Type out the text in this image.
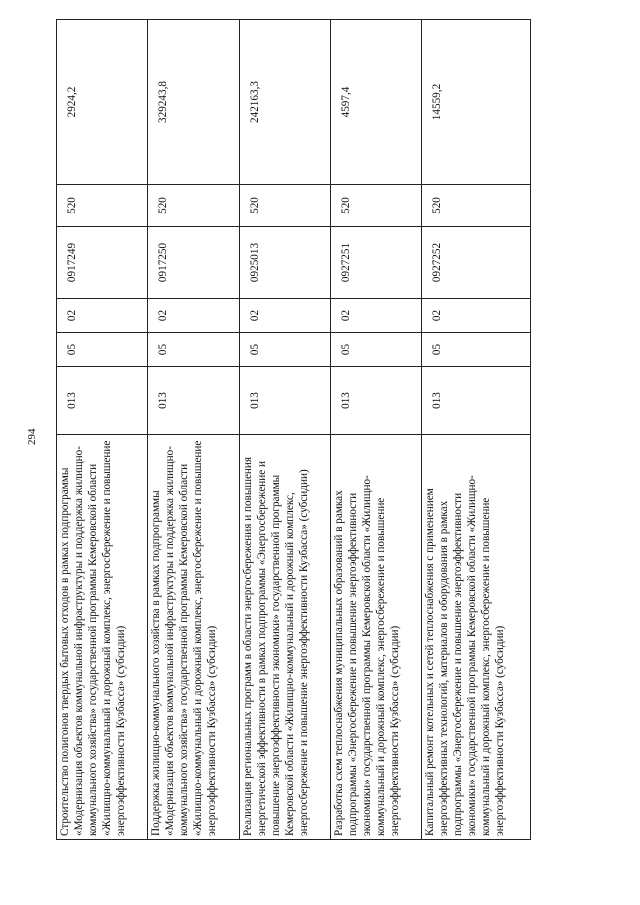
294
Строительство полигонов твердых бытовых отходов в рамках подпрограммы «Модернизация объектов коммунальной инфраструктуры и поддержка жилищно-коммунального хозяйства» государственной программы Кемеровской области «Жилищно-коммунальный и дорожный комплекс, энергосбережение и повышение энергоэффективности Кузбасса» (субсидии)	013	05	02	0917249	520	2924,2
Поддержка жилищно-коммунального хозяйства в рамках подпрограммы «Модернизация объектов коммунальной инфраструктуры и поддержка жилищно-коммунального хозяйства» государственной программы Кемеровской области «Жилищно-коммунальный и дорожный комплекс, энергосбережение и повышение энергоэффективности Кузбасса» (субсидии)	013	05	02	0917250	520	329243,8
Реализация региональных программ в области энергосбережения и повышения энергетической эффективности в рамках подпрограммы «Энергосбережение и повышение энергоэффективности экономики» государственной программы Кемеровской области «Жилищно-коммунальный и дорожный комплекс, энергосбережение и повышение энергоэффективности Кузбасса» (субсидии)	013	05	02	0925013	520	242163,3
Разработка схем теплоснабжения муниципальных образований в рамках подпрограммы «Энергосбережение и повышение энергоэффективности экономики» государственной программы Кемеровской области «Жилищно-коммунальный и дорожный комплекс, энергосбережение и повышение энергоэффективности Кузбасса» (субсидии)	013	05	02	0927251	520	4597,4
Капитальный ремонт котельных и сетей теплоснабжения с применением энергоэффективных технологий, материалов и оборудования в рамках подпрограммы «Энергосбережение и повышение энергоэффективности экономики» государственной программы Кемеровской области «Жилищно-коммунальный и дорожный комплекс, энергосбережение и повышение энергоэффективности Кузбасса» (субсидии)	013	05	02	0927252	520	14559,2
